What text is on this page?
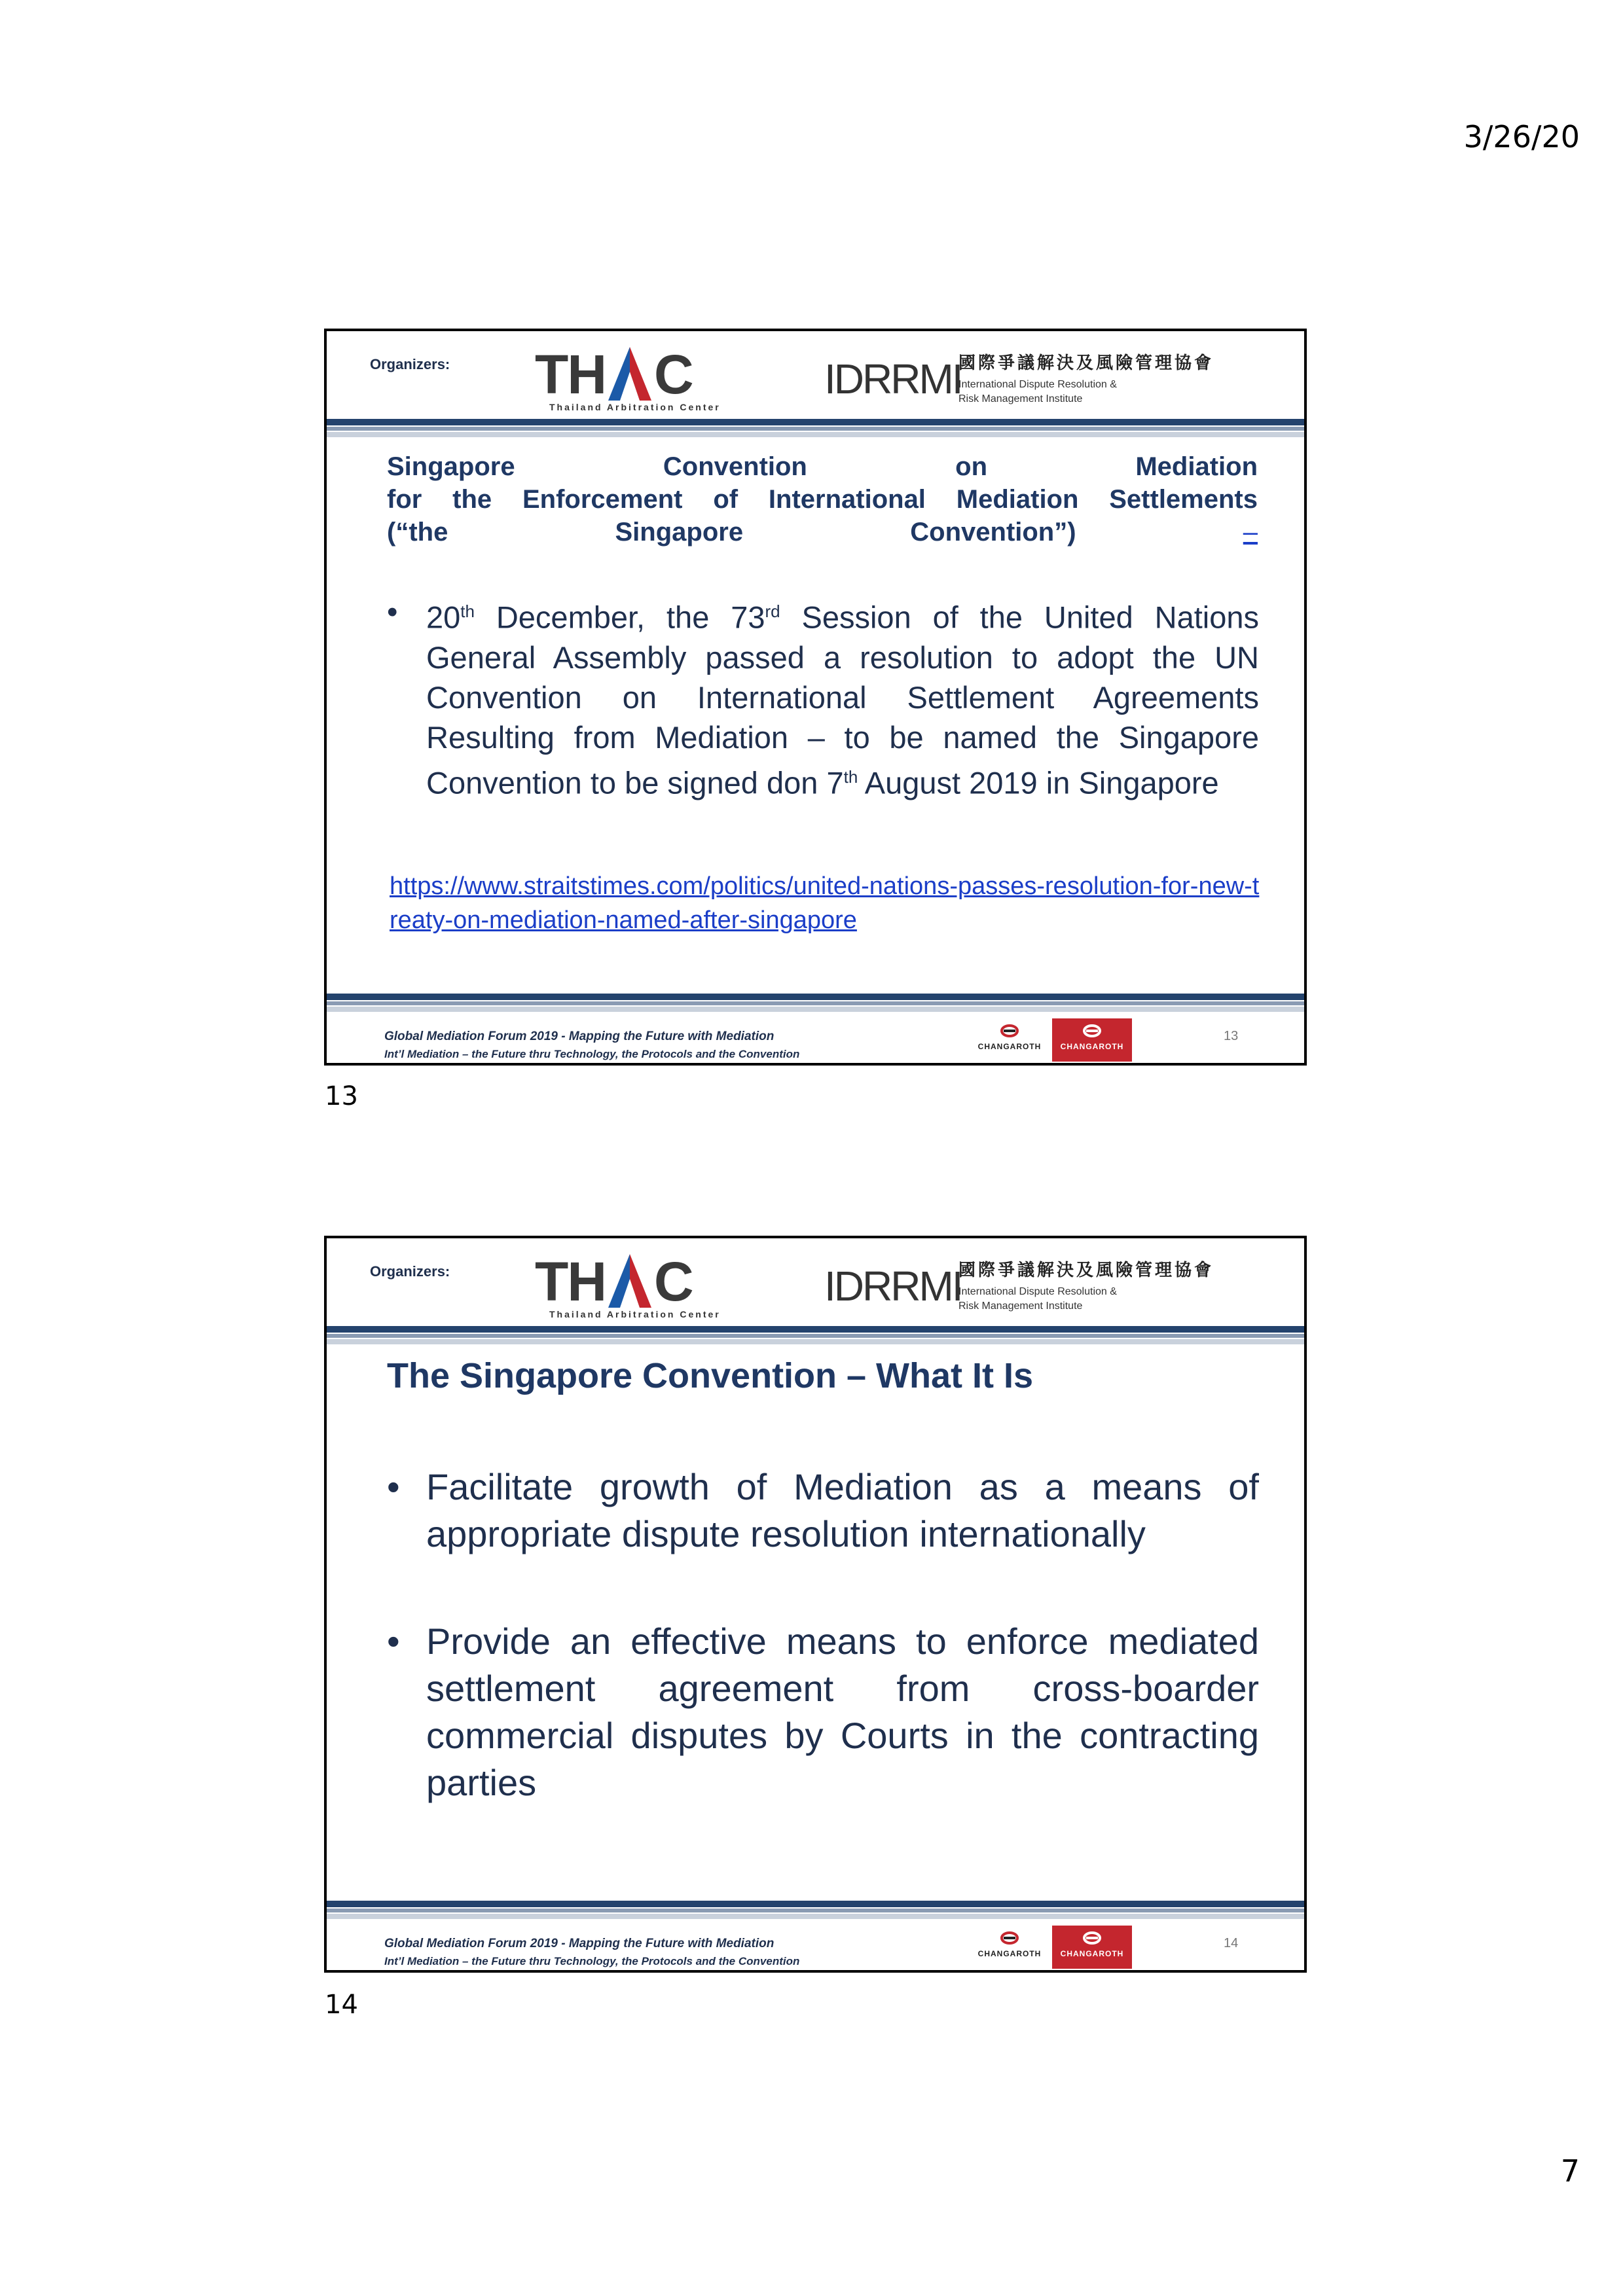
3/26/20
Organizers: TH C
Thailand Arbitration Center
IDRRMI
國際爭議解決及風險管理協會
International Dispute Resolution &
Risk Management Institute
Singapore Convention on Mediation
for the Enforcement of International Mediation Settlements
(“the Singapore Convention”)	–
• 20th December, the 73rd Session of the United Nations General Assembly passed a resolution to adopt the UN Convention on International Settlement Agreements Resulting from Mediation – to be named the Singapore Convention to be signed don 7th August 2019 in Singapore
https://www.straitstimes.com/politics/united-nations-passes-resolution-for-new-treaty-on-mediation-named-after-singapore
Global Mediation Forum 2019 - Mapping the Future with Mediation
Int’l Mediation – the Future thru Technology, the Protocols and the Convention
CHANGAROTH	CHANGAROTH
13
13
Organizers: TH C
Thailand Arbitration Center
IDRRMI
國際爭議解決及風險管理協會
International Dispute Resolution &
Risk Management Institute
The Singapore Convention – What It Is
• Facilitate growth of Mediation as a means of appropriate dispute resolution internationally
• Provide an effective means to enforce mediated settlement agreement from cross-boarder commercial disputes by Courts in the contracting parties
Global Mediation Forum 2019 - Mapping the Future with Mediation
Int’l Mediation – the Future thru Technology, the Protocols and the Convention
CHANGAROTH	CHANGAROTH
14
14
7
